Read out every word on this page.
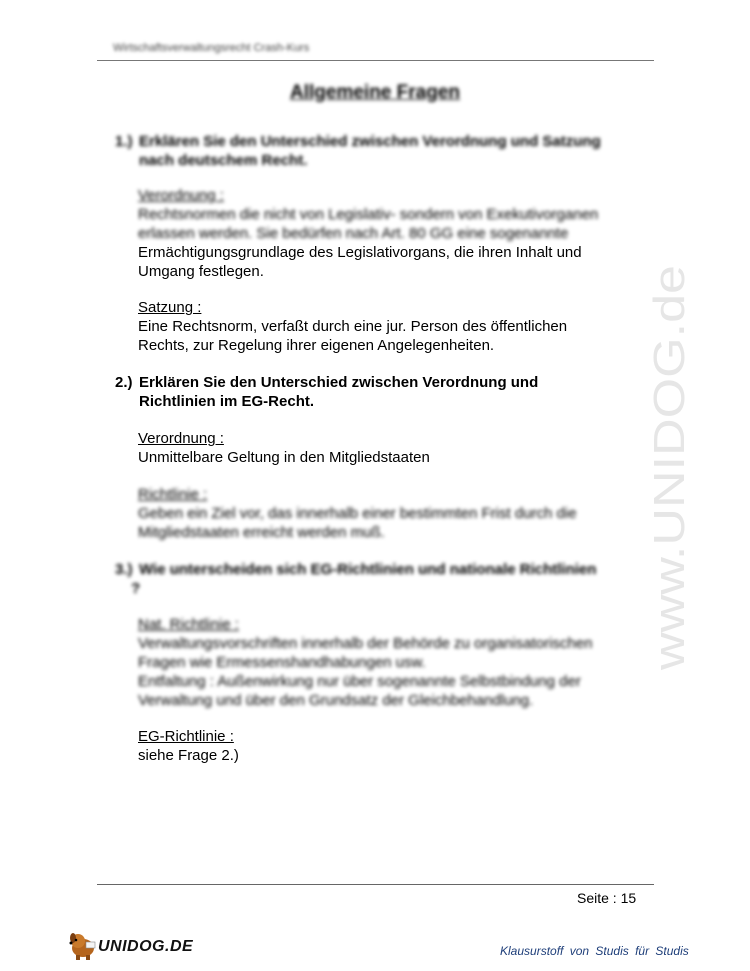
Wirtschaftsverwaltungsrecht Crash-Kurs
Allgemeine Fragen
1.) Erklären Sie den Unterschied zwischen Verordnung und Satzung
nach deutschem Recht.
Verordnung :
Rechtsnormen die nicht von Legislativ- sondern von Exekutivorganen
erlassen werden. Sie bedürfen nach Art. 80 GG eine sogenannte
Ermächtigungsgrundlage des Legislativorgans, die ihren Inhalt und
Umgang festlegen.
Satzung :
Eine Rechtsnorm, verfaßt durch eine jur. Person des öffentlichen
Rechts, zur Regelung ihrer eigenen Angelegenheiten.
2.) Erklären Sie den Unterschied zwischen Verordnung und
Richtlinien im EG-Recht.
Verordnung :
Unmittelbare Geltung in den Mitgliedstaaten
Richtlinie :
Geben ein Ziel vor, das innerhalb einer bestimmten Frist durch die
Mitgliedstaaten erreicht werden muß.
3.) Wie unterscheiden sich EG-Richtlinien und nationale Richtlinien
?
Nat. Richtlinie :
Verwaltungsvorschriften innerhalb der Behörde zu organisatorischen
Fragen wie Ermessenshandhabungen usw.
Entfaltung : Außenwirkung nur über sogenannte Selbstbindung der
Verwaltung und über den Grundsatz der Gleichbehandlung.
EG-Richtlinie :
siehe Frage 2.)
www.UNIDOG.de
Seite : 15
UNIDOG.DE	Klausurstoff von Studis für Studis
